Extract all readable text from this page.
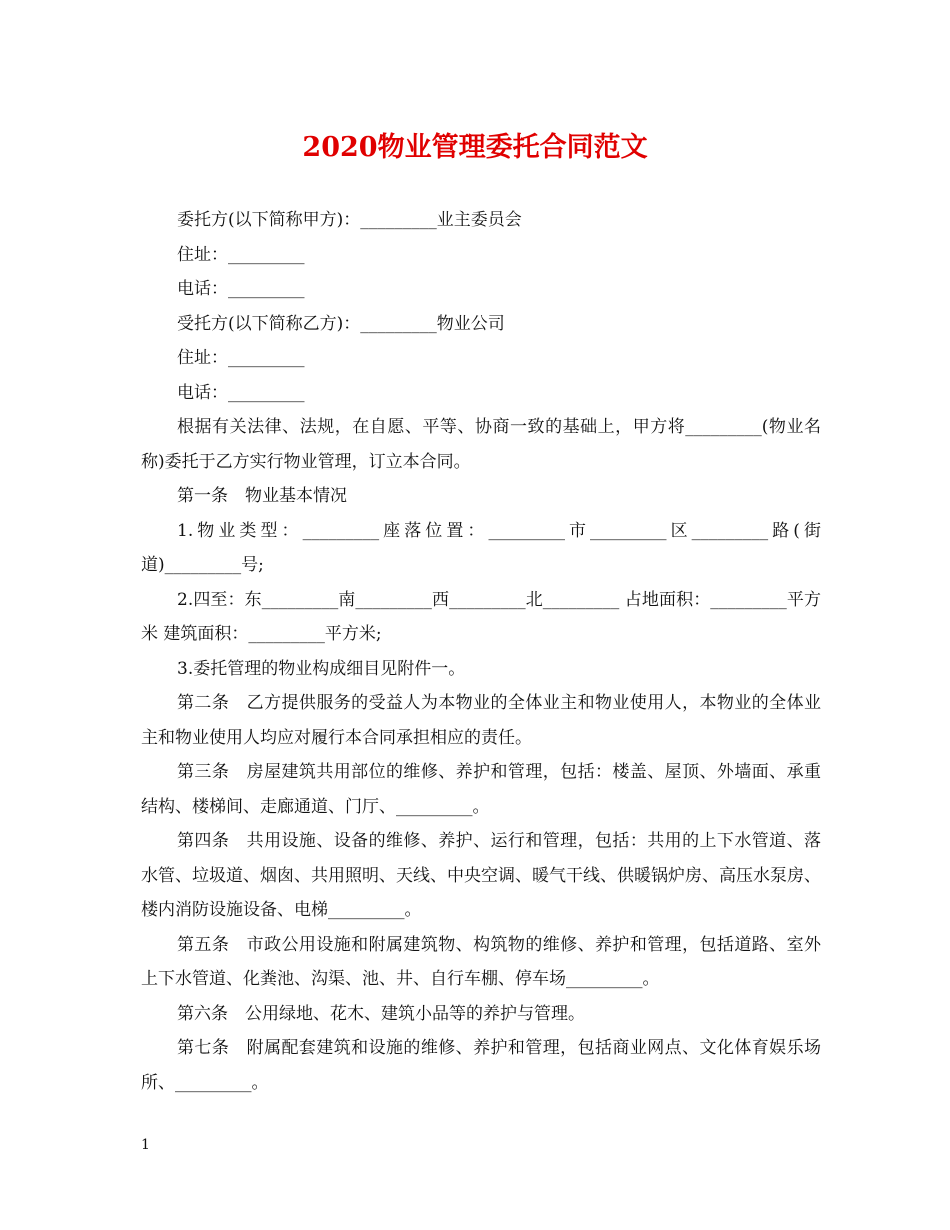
2020物业管理委托合同范文

委托方(以下简称甲方)：_________业主委员会

住址：_________

电话：_________

受托方(以下简称乙方)：_________物业公司

住址：_________

电话：_________

根据有关法律、法规，在自愿、平等、协商一致的基础上，甲方将_________(物业名称)委托于乙方实行物业管理，订立本合同。

第一条　物业基本情况

1.物业类型：_________座落位置：_________市_________区_________路(街道)_________号;

2.四至：东_________南_________西_________北_________ 占地面积：_________平方米 建筑面积：_________平方米;

3.委托管理的物业构成细目见附件一。

第二条　乙方提供服务的受益人为本物业的全体业主和物业使用人，本物业的全体业主和物业使用人均应对履行本合同承担相应的责任。

第三条　房屋建筑共用部位的维修、养护和管理，包括：楼盖、屋顶、外墙面、承重结构、楼梯间、走廊通道、门厅、_________。

第四条　共用设施、设备的维修、养护、运行和管理，包括：共用的上下水管道、落水管、垃圾道、烟囱、共用照明、天线、中央空调、暖气干线、供暖锅炉房、高压水泵房、楼内消防设施设备、电梯_________。

第五条　市政公用设施和附属建筑物、构筑物的维修、养护和管理，包括道路、室外上下水管道、化粪池、沟渠、池、井、自行车棚、停车场_________。

第六条　公用绿地、花木、建筑小品等的养护与管理。

第七条　附属配套建筑和设施的维修、养护和管理，包括商业网点、文化体育娱乐场所、_________。

1
